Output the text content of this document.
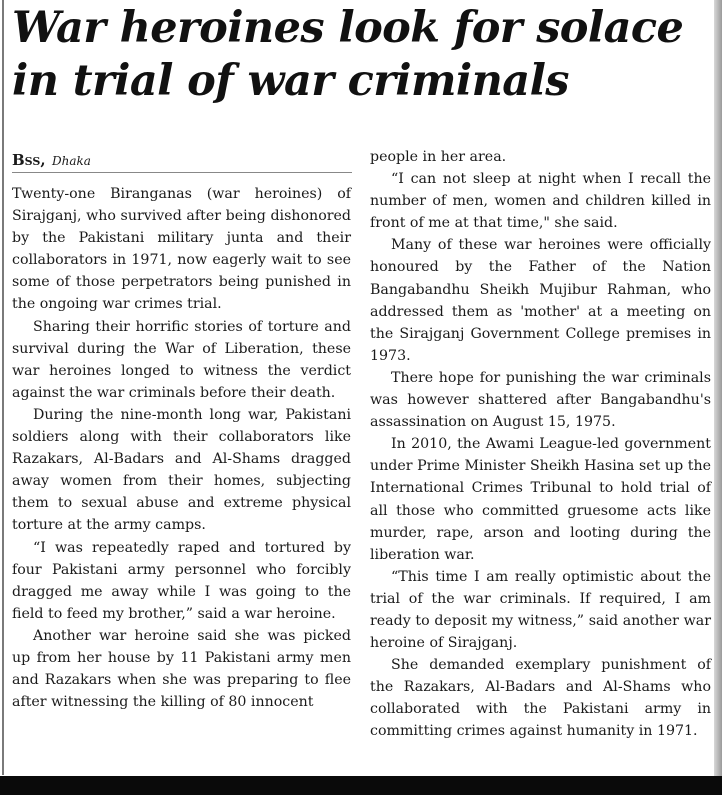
War heroines look for solace
in trial of war criminals
Bss, Dhaka

Twenty-one Biranganas (war heroines) of Sirajganj, who survived after being dishonored by the Pakistani military junta and their collaborators in 1971, now eagerly wait to see some of those perpetrators being punished in the ongoing war crimes trial.

Sharing their horrific stories of torture and survival during the War of Liberation, these war heroines longed to witness the verdict against the war criminals before their death.

During the nine-month long war, Pakistani soldiers along with their collaborators like Razakars, Al-Badars and Al-Shams dragged away women from their homes, subjecting them to sexual abuse and extreme physical torture at the army camps.

“I was repeatedly raped and tortured by four Pakistani army personnel who forcibly dragged me away while I was going to the field to feed my brother,” said a war heroine.

Another war heroine said she was picked up from her house by 11 Pakistani army men and Razakars when she was preparing to flee after witnessing the killing of 80 innocent

people in her area.

“I can not sleep at night when I recall the number of men, women and children killed in front of me at that time," she said.

Many of these war heroines were officially honoured by the Father of the Nation Bangabandhu Sheikh Mujibur Rahman, who addressed them as 'mother' at a meeting on the Sirajganj Government College premises in 1973.

There hope for punishing the war criminals was however shattered after Bangabandhu's assassination on August 15, 1975.

In 2010, the Awami League-led government under Prime Minister Sheikh Hasina set up the International Crimes Tribunal to hold trial of all those who committed gruesome acts like murder, rape, arson and looting during the liberation war.

“This time I am really optimistic about the trial of the war criminals. If required, I am ready to deposit my witness,” said another war heroine of Sirajganj.

She demanded exemplary punishment of the Razakars, Al-Badars and Al-Shams who collaborated with the Pakistani army in committing crimes against humanity in 1971.
